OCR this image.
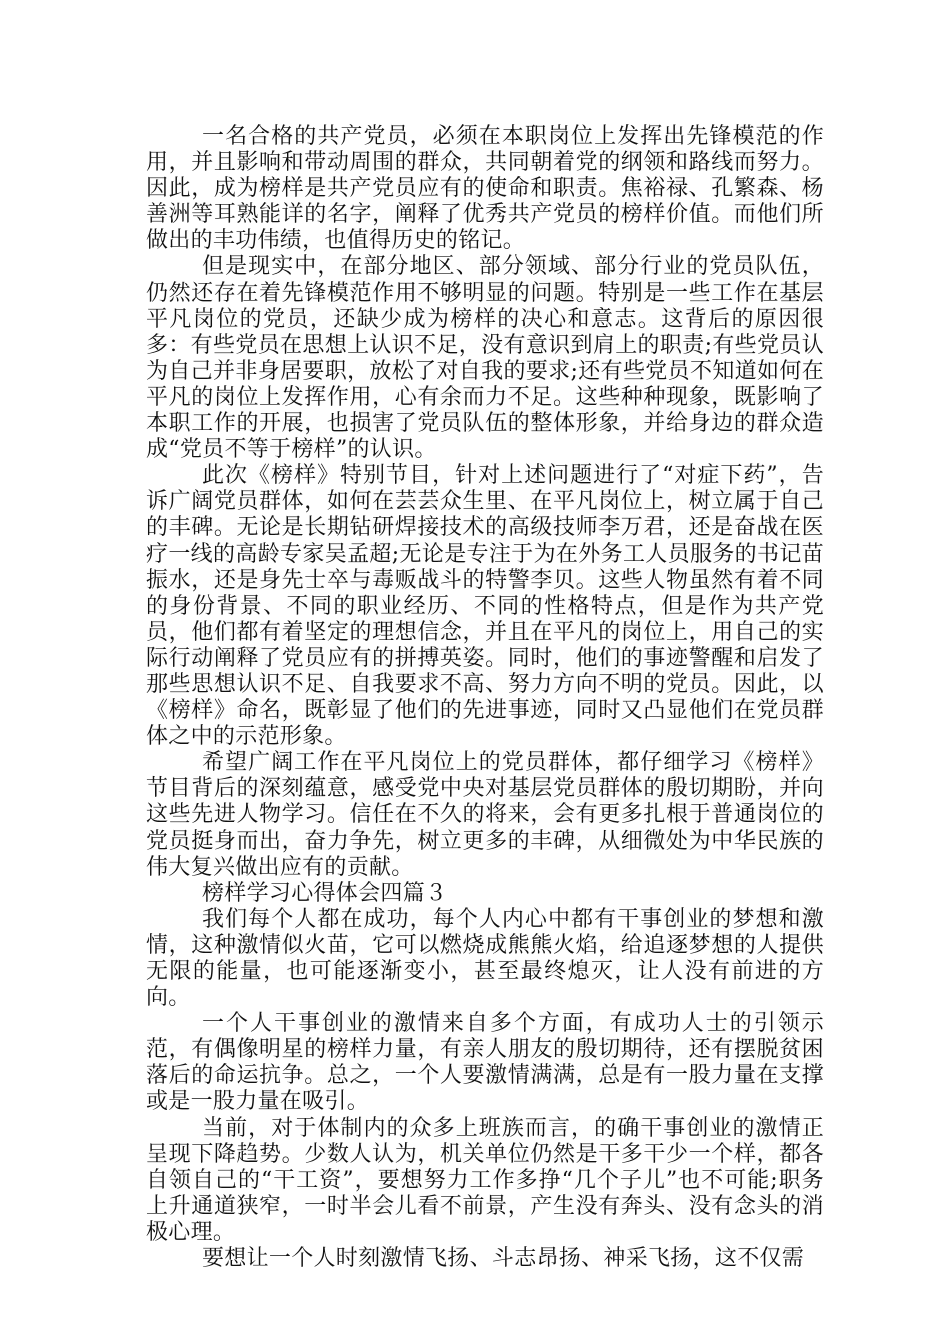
一名合格的共产党员，必须在本职岗位上发挥出先锋模范的作用，并且影响和带动周围的群众，共同朝着党的纲领和路线而努力。因此，成为榜样是共产党员应有的使命和职责。焦裕禄、孔繁森、杨善洲等耳熟能详的名字，阐释了优秀共产党员的榜样价值。而他们所做出的丰功伟绩，也值得历史的铭记。

但是现实中，在部分地区、部分领域、部分行业的党员队伍，仍然还存在着先锋模范作用不够明显的问题。特别是一些工作在基层平凡岗位的党员，还缺少成为榜样的决心和意志。这背后的原因很多：有些党员在思想上认识不足，没有意识到肩上的职责;有些党员认为自己并非身居要职，放松了对自我的要求;还有些党员不知道如何在平凡的岗位上发挥作用，心有余而力不足。这些种种现象，既影响了本职工作的开展，也损害了党员队伍的整体形象，并给身边的群众造成“党员不等于榜样”的认识。

此次《榜样》特别节目，针对上述问题进行了“对症下药”，告诉广阔党员群体，如何在芸芸众生里、在平凡岗位上，树立属于自己的丰碑。无论是长期钻研焊接技术的高级技师李万君，还是奋战在医疗一线的高龄专家吴孟超;无论是专注于为在外务工人员服务的书记苗振水，还是身先士卒与毒贩战斗的特警李贝。这些人物虽然有着不同的身份背景、不同的职业经历、不同的性格特点，但是作为共产党员，他们都有着坚定的理想信念，并且在平凡的岗位上，用自己的实际行动阐释了党员应有的拼搏英姿。同时，他们的事迹警醒和启发了那些思想认识不足、自我要求不高、努力方向不明的党员。因此，以《榜样》命名，既彰显了他们的先进事迹，同时又凸显他们在党员群体之中的示范形象。

希望广阔工作在平凡岗位上的党员群体，都仔细学习《榜样》节目背后的深刻蕴意，感受党中央对基层党员群体的殷切期盼，并向这些先进人物学习。信任在不久的将来，会有更多扎根于普通岗位的党员挺身而出，奋力争先，树立更多的丰碑，从细微处为中华民族的伟大复兴做出应有的贡献。

榜样学习心得体会四篇３

我们每个人都在成功，每个人内心中都有干事创业的梦想和激情，这种激情似火苗，它可以燃烧成熊熊火焰，给追逐梦想的人提供无限的能量，也可能逐渐变小，甚至最终熄灭，让人没有前进的方向。

一个人干事创业的激情来自多个方面，有成功人士的引领示范，有偶像明星的榜样力量，有亲人朋友的殷切期待，还有摆脱贫困落后的命运抗争。总之，一个人要激情满满，总是有一股力量在支撑或是一股力量在吸引。

当前，对于体制内的众多上班族而言，的确干事创业的激情正呈现下降趋势。少数人认为，机关单位仍然是干多干少一个样，都各自领自己的“干工资”，要想努力工作多挣“几个子儿”也不可能;职务上升通道狭窄，一时半会儿看不前景，产生没有奔头、没有念头的消极心理。

要想让一个人时刻激情飞扬、斗志昂扬、神采飞扬，这不仅需
